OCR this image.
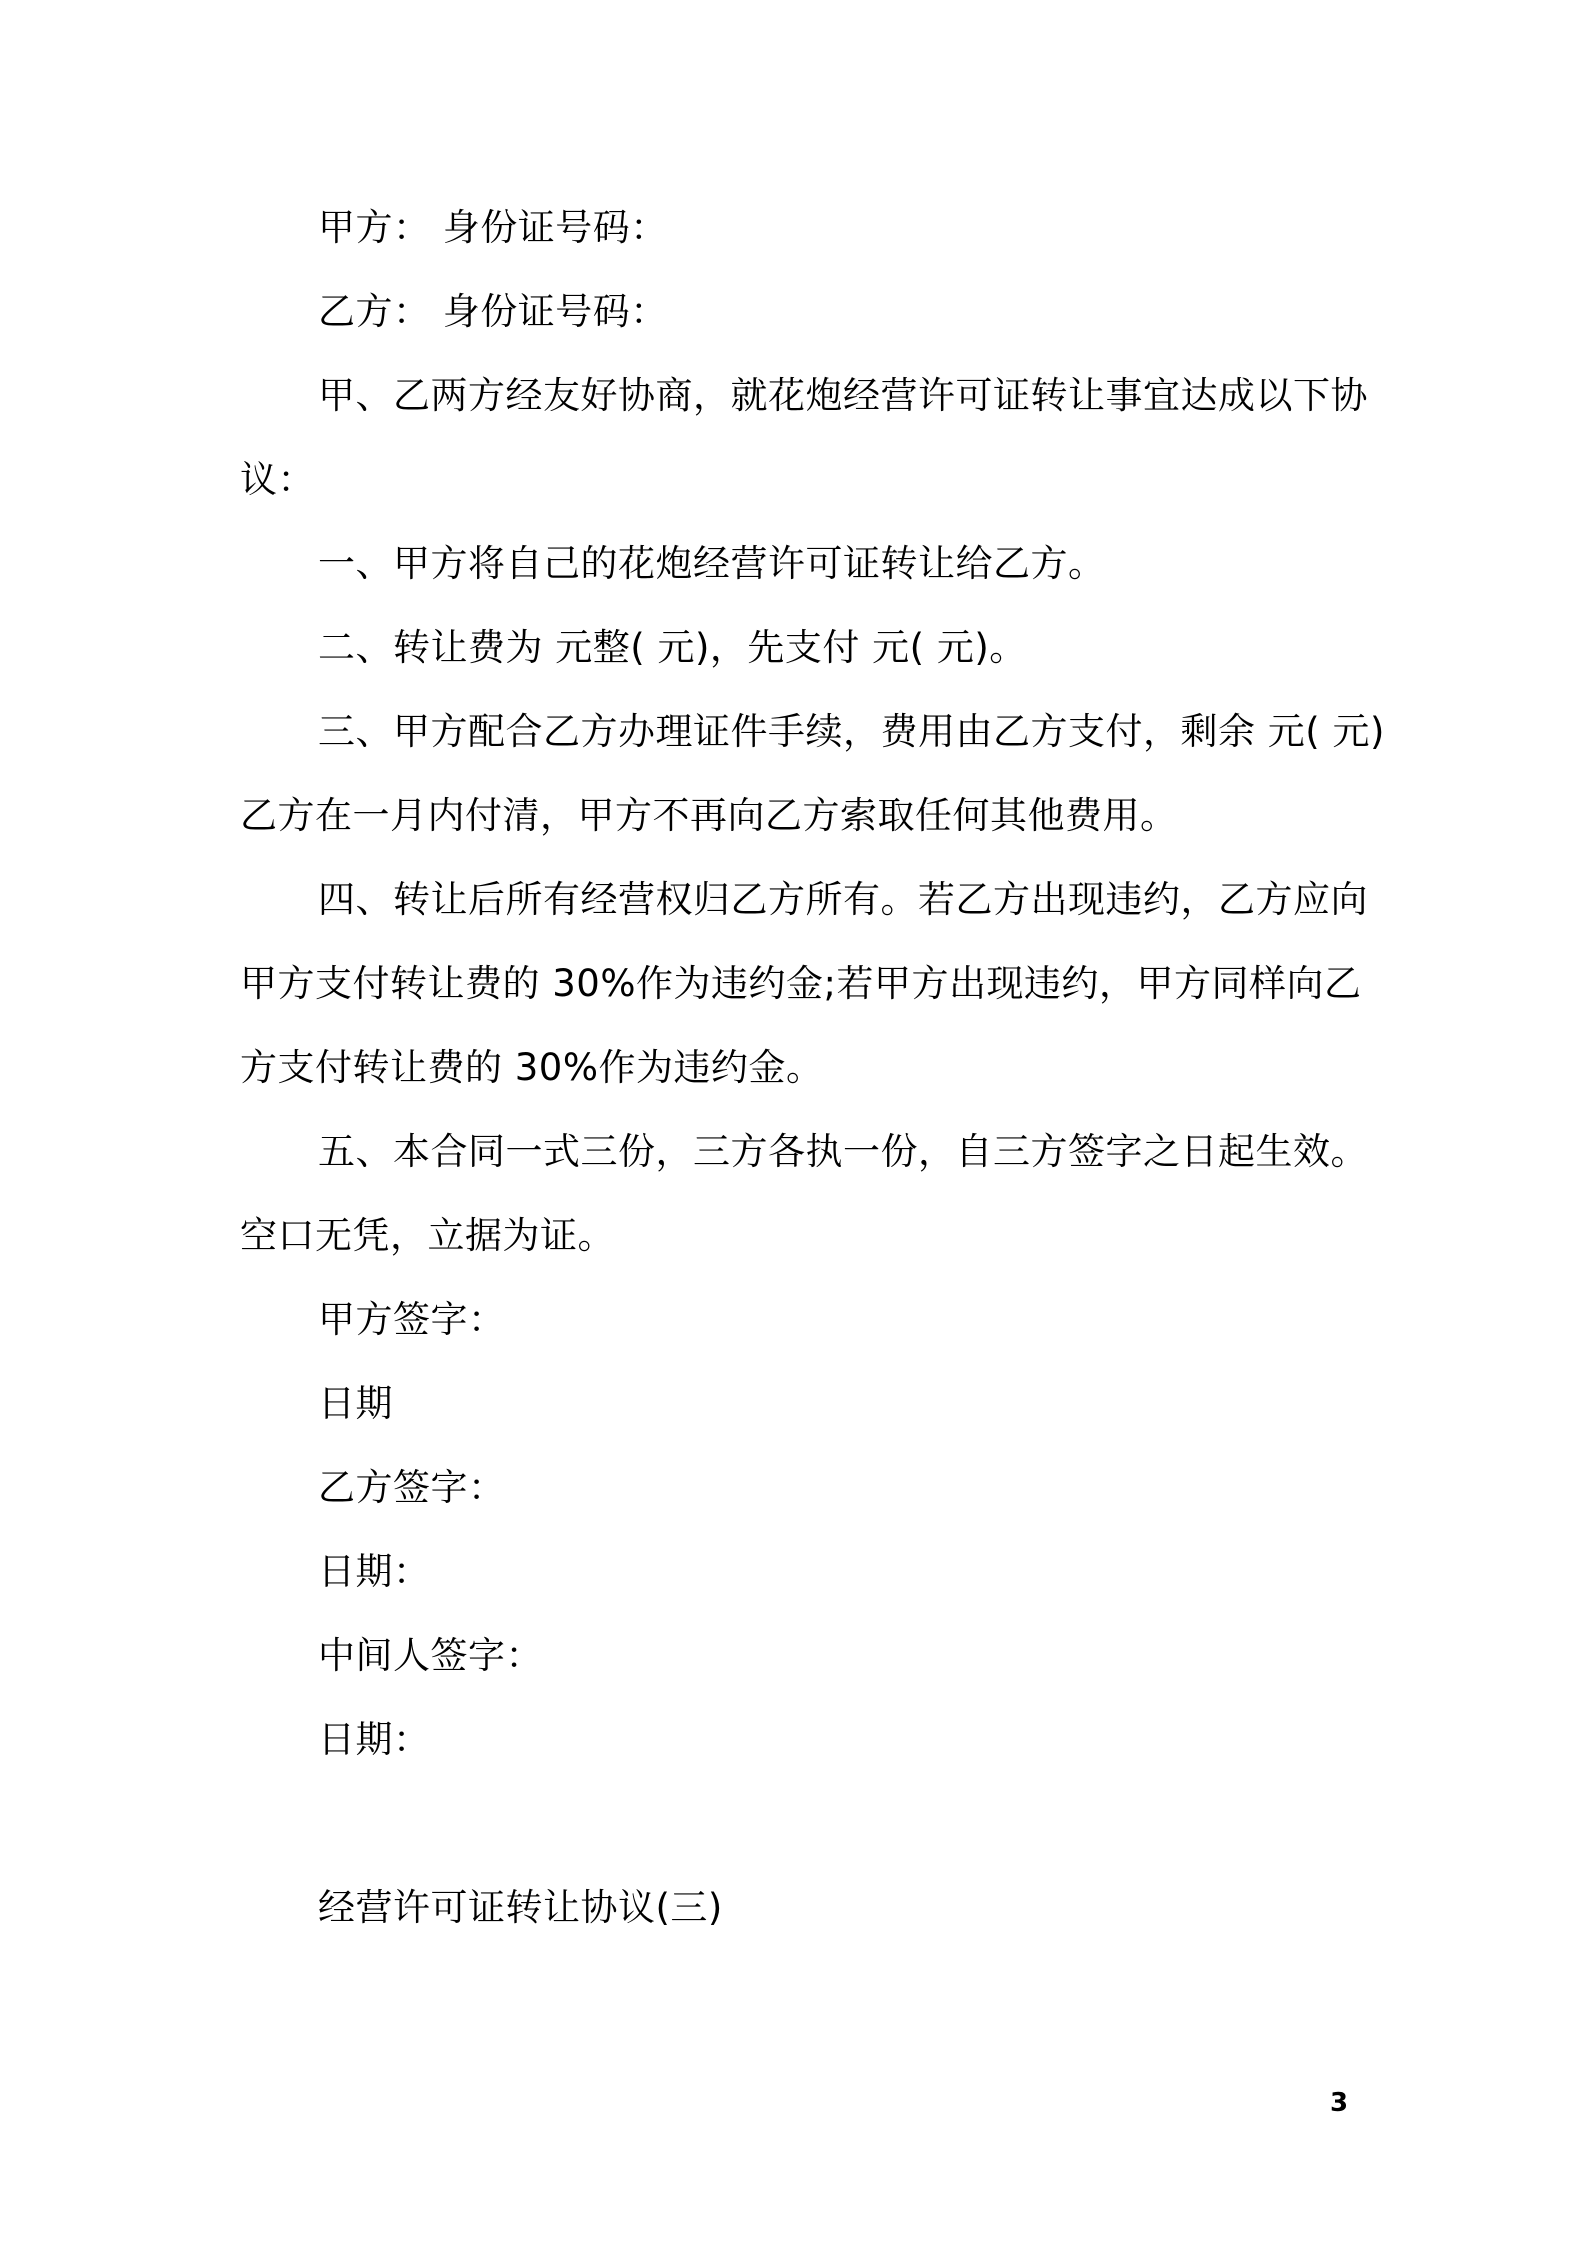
甲方： 身份证号码：
乙方： 身份证号码：
甲、乙两方经友好协商，就花炮经营许可证转让事宜达成以下协
议：
一、甲方将自己的花炮经营许可证转让给乙方。
二、转让费为 元整( 元)，先支付 元( 元)。
三、甲方配合乙方办理证件手续，费用由乙方支付，剩余 元( 元)
乙方在一月内付清，甲方不再向乙方索取任何其他费用。
四、转让后所有经营权归乙方所有。若乙方出现违约，乙方应向
甲方支付转让费的 30%作为违约金;若甲方出现违约，甲方同样向乙
方支付转让费的 30%作为违约金。
五、本合同一式三份，三方各执一份，自三方签字之日起生效。
空口无凭，立据为证。
甲方签字：
日期
乙方签字：
日期：
中间人签字：
日期：
经营许可证转让协议(三)
3
